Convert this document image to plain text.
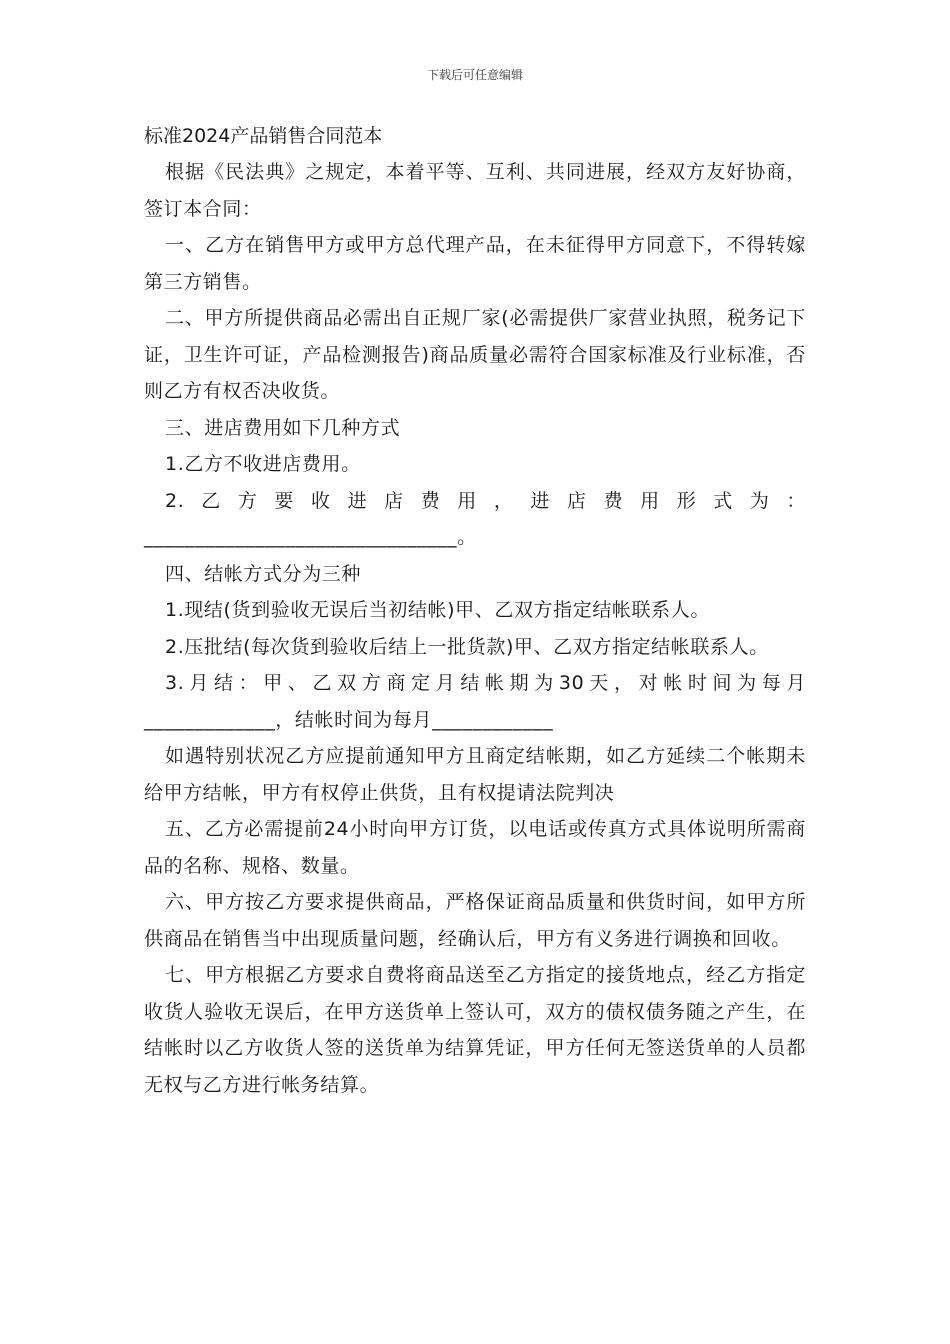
下载后可任意编辑

标准2024产品销售合同范本

根据《民法典》之规定，本着平等、互利、共同进展，经双方友好协商，签订本合同：

一、乙方在销售甲方或甲方总代理产品，在未征得甲方同意下，不得转嫁第三方销售。

二、甲方所提供商品必需出自正规厂家(必需提供厂家营业执照，税务记下证，卫生许可证，产品检测报告)商品质量必需符合国家标准及行业标准，否则乙方有权否决收货。

三、进店费用如下几种方式

1.乙方不收进店费用。

2.乙方要收进店费用，进店费用形式为：_______________________________。

四、结帐方式分为三种

1.现结(货到验收无误后当初结帐)甲、乙双方指定结帐联系人。

2.压批结(每次货到验收后结上一批货款)甲、乙双方指定结帐联系人。

3.月结：甲、乙双方商定月结帐期为30天，对帐时间为每月_____________，结帐时间为每月____________

如遇特别状况乙方应提前通知甲方且商定结帐期，如乙方延续二个帐期未给甲方结帐，甲方有权停止供货，且有权提请法院判决

五、乙方必需提前24小时向甲方订货，以电话或传真方式具体说明所需商品的名称、规格、数量。

六、甲方按乙方要求提供商品，严格保证商品质量和供货时间，如甲方所供商品在销售当中出现质量问题，经确认后，甲方有义务进行调换和回收。

七、甲方根据乙方要求自费将商品送至乙方指定的接货地点，经乙方指定收货人验收无误后，在甲方送货单上签认可，双方的债权债务随之产生，在结帐时以乙方收货人签的送货单为结算凭证，甲方任何无签送货单的人员都无权与乙方进行帐务结算。
